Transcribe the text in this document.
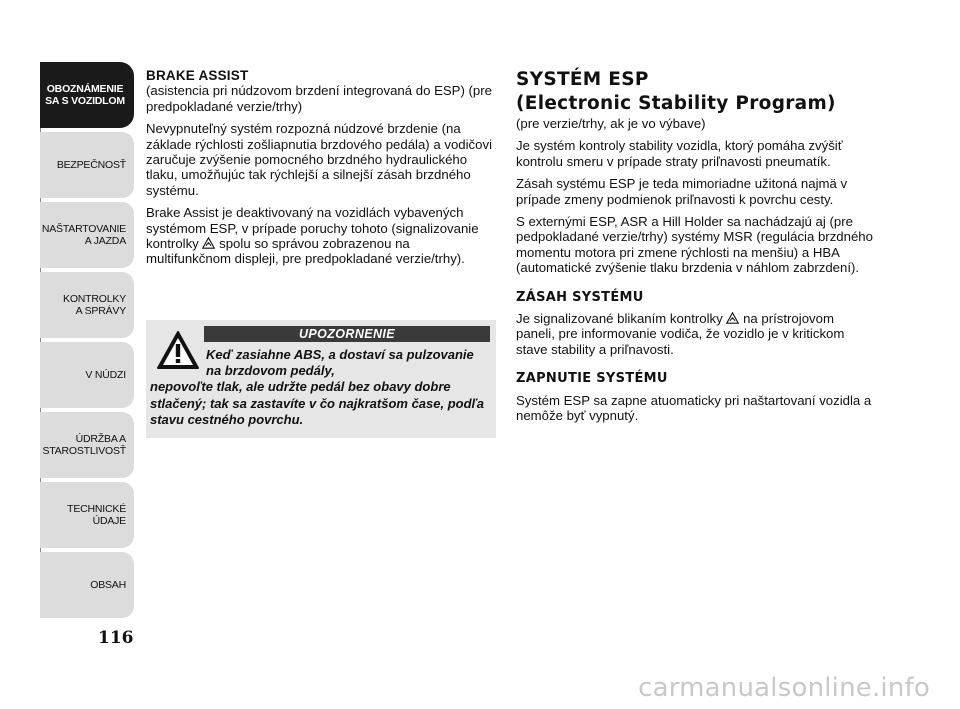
OBOZNÁMENIE
SA S VOZIDLOM
BEZPEČNOSŤ
NAŠTARTOVANIE
A JAZDA
KONTROLKY
A SPRÁVY
V NÚDZI
ÚDRŽBA A
STAROSTLIVOSŤ
TECHNICKÉ
ÚDAJE
OBSAH
116

BRAKE ASSIST

(asistencia pri núdzovom brzdení integrovaná do ESP) (pre predpokladané verzie/trhy)

Nevypnuteľný systém rozpozná núdzové brzdenie (na základe rýchlosti zošliapnutia brzdového pedála) a vodičovi zaručuje zvýšenie pomocného brzdného hydraulického tlaku, umožňujúc tak rýchlejší a silnejší zásah brzdného systému.

Brake Assist je deaktivovaný na vozidlách vybavených systémom ESP, v prípade poruchy tohoto (signalizovanie kontrolky spolu so správou zobrazenou na multifunkčnom displeji, pre predpokladané verzie/trhy).

UPOZORNENIE
Keď zasiahne ABS, a dostaví sa pulzovanie na brzdovom pedály,
nepovoľte tlak, ale udržte pedál bez obavy dobre stlačený; tak sa zastavíte v čo najkratšom čase, podľa stavu cestného povrchu.
SYSTÉM ESP
(Electronic Stability Program)

(pre verzie/trhy, ak je vo výbave)

Je systém kontroly stability vozidla, ktorý pomáha zvýšiť kontrolu smeru v prípade straty priľnavosti pneumatík.

Zásah systému ESP je teda mimoriadne užitoná najmä v prípade zmeny podmienok priľnavosti k povrchu cesty.

S externými ESP, ASR a Hill Holder sa nachádzajú aj (pre pedpokladané verzie/trhy) systémy MSR (regulácia brzdného momentu motora pri zmene rýchlosti na menšiu) a HBA (automatické zvýšenie tlaku brzdenia v náhlom zabrzdení).

ZÁSAH SYSTÉMU

Je signalizované blikaním kontrolky na prístrojovom paneli, pre informovanie vodiča, že vozidlo je v kritickom stave stability a priľnavosti.

ZAPNUTIE SYSTÉMU

Systém ESP sa zapne atuomaticky pri naštartovaní vozidla a nemôže byť vypnutý.

carmanualsonline.info
